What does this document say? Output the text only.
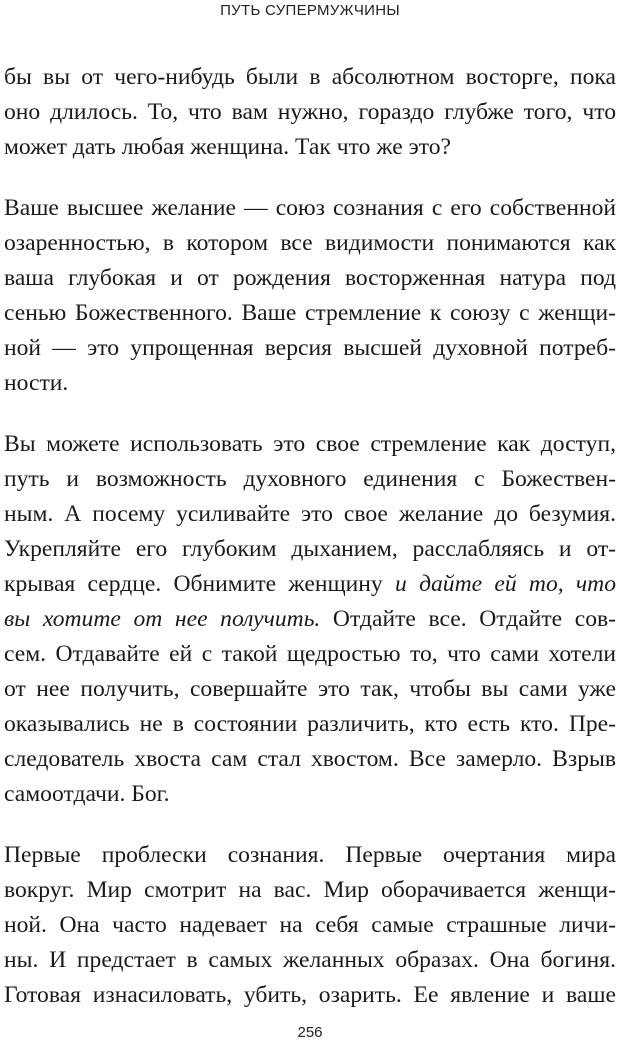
ПУТЬ СУПЕРМУЖЧИНЫ

бы вы от чего-нибудь были в абсолютном восторге, пока
оно длилось. То, что вам нужно, гораздо глубже того, что
может дать любая женщина. Так что же это?

Ваше высшее желание — союз сознания с его собственной
озаренностью, в котором все видимости понимаются как
ваша глубокая и от рождения восторженная натура под
сенью Божественного. Ваше стремление к союзу с женщи-
ной — это упрощенная версия высшей духовной потреб-
ности.

Вы можете использовать это свое стремление как доступ,
путь и возможность духовного единения с Божествен-
ным. А посему усиливайте это свое желание до безумия.
Укрепляйте его глубоким дыханием, расслабляясь и от-
крывая сердце. Обнимите женщину и дайте ей то, что
вы хотите от нее получить. Отдайте все. Отдайте сов-
сем. Отдавайте ей с такой щедростью то, что сами хотели
от нее получить, совершайте это так, чтобы вы сами уже
оказывались не в состоянии различить, кто есть кто. Пре-
следователь хвоста сам стал хвостом. Все замерло. Взрыв
самоотдачи. Бог.

Первые проблески сознания. Первые очертания мира
вокруг. Мир смотрит на вас. Мир оборачивается женщи-
ной. Она часто надевает на себя самые страшные личи-
ны. И предстает в самых желанных образах. Она богиня.
Готовая изнасиловать, убить, озарить. Ее явление и ваше

256
